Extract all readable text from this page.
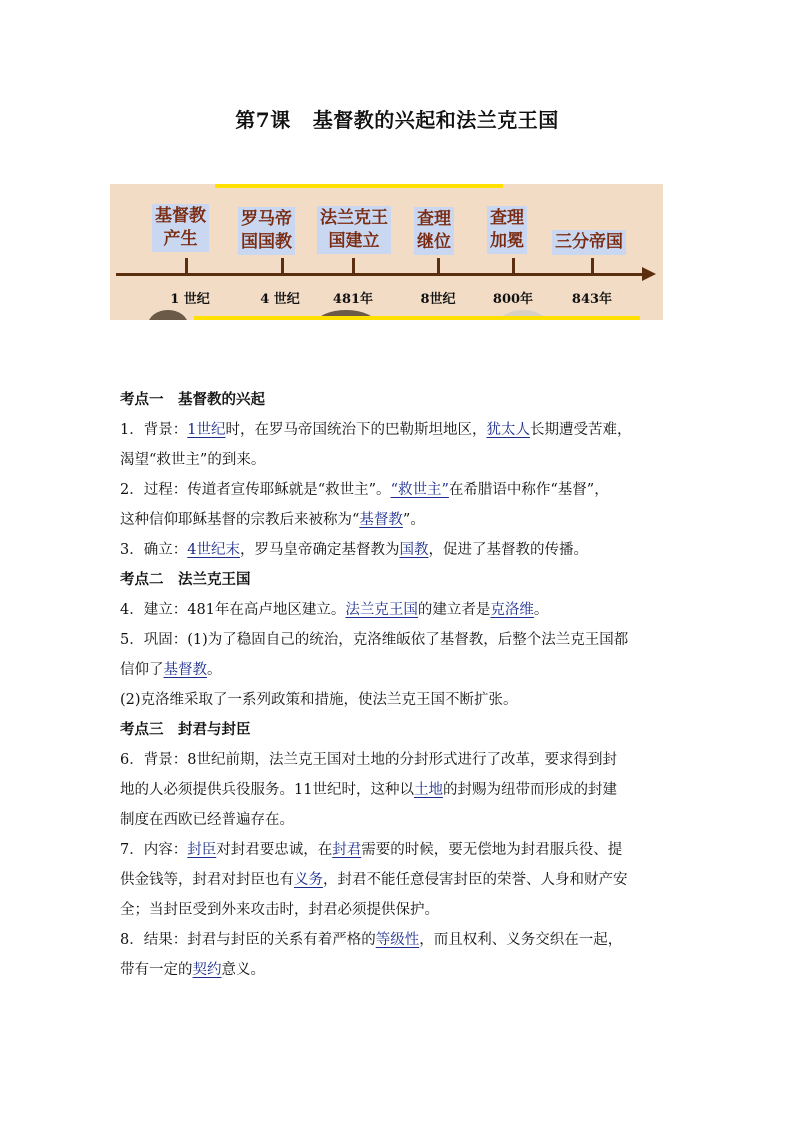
第7课 基督教的兴起和法兰克王国
基督教
产生
罗马帝
国国教
法兰克王
国建立
查理
继位
查理
加冕 三分帝国
1 世纪	4 世纪	481年	8世纪	800年	843年

考点一　基督教的兴起

1．背景：1世纪时，在罗马帝国统治下的巴勒斯坦地区，犹太人长期遭受苦难，

渴望“救世主”的到来。

2．过程：传道者宣传耶稣就是“救世主”。“救世主”在希腊语中称作“基督”，

这种信仰耶稣基督的宗教后来被称为“基督教”。

3．确立：4世纪末，罗马皇帝确定基督教为国教，促进了基督教的传播。

考点二　法兰克王国

4．建立：481年在高卢地区建立。法兰克王国的建立者是克洛维。

5．巩固：(1)为了稳固自己的统治，克洛维皈依了基督教，后整个法兰克王国都

信仰了基督教。

(2)克洛维采取了一系列政策和措施，使法兰克王国不断扩张。

考点三　封君与封臣

6．背景：8世纪前期，法兰克王国对土地的分封形式进行了改革，要求得到封

地的人必须提供兵役服务。11世纪时，这种以土地的封赐为纽带而形成的封建

制度在西欧已经普遍存在。

7．内容：封臣对封君要忠诚，在封君需要的时候，要无偿地为封君服兵役、提

供金钱等，封君对封臣也有义务，封君不能任意侵害封臣的荣誉、人身和财产安

全；当封臣受到外来攻击时，封君必须提供保护。

8．结果：封君与封臣的关系有着严格的等级性，而且权利、义务交织在一起，

带有一定的契约意义。
